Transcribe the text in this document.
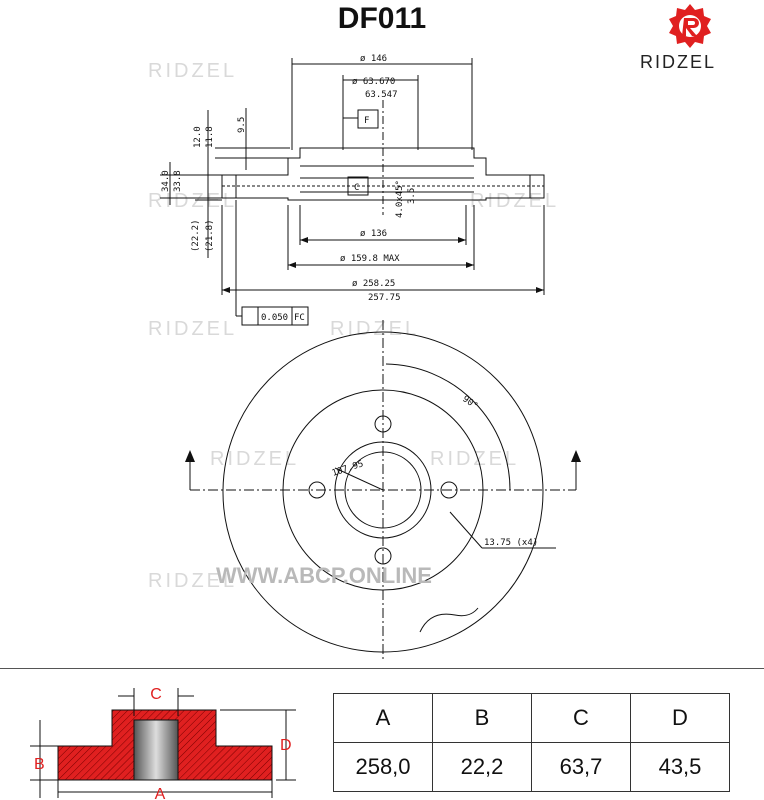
DF011
RIDZEL
RIDZEL
RIDZEL
RIDZEL	RIDZEL
RIDZEL	RIDZEL
RIDZEL
RIDZEL
ø 146
ø 63.670
63.547
F
C
ø 136
ø 159.8 MAX
ø 258.25
257.75
12.0 11.8
9.5
34.0 33.8
(22.2) (21.8)
4.0x45° 3.5
0.050 FC
90°
107.95
13.75 (x4)
WWW.ABCP.ONLINE
C
A
B
D
A	B	C	D
258,0	22,2	63,7	43,5
